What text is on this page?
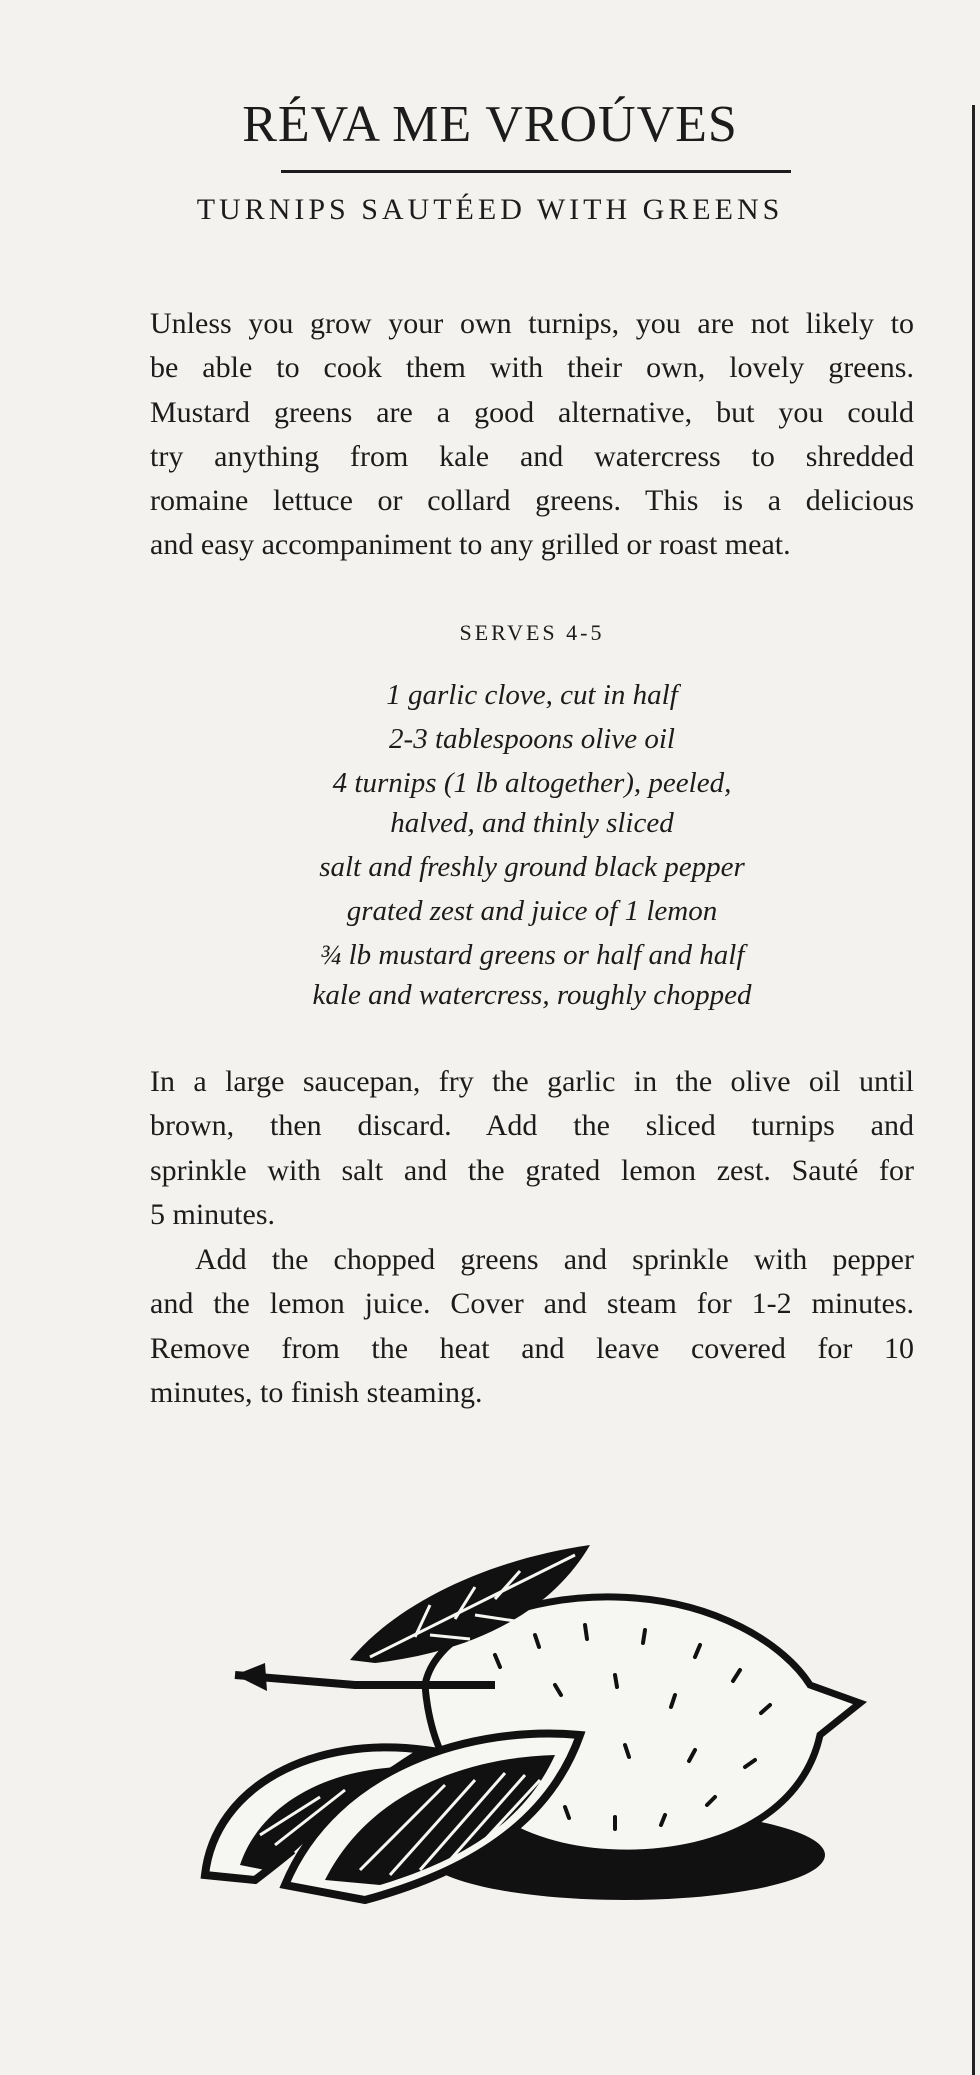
RÉVA ME VROÚVES
TURNIPS SAUTÉED WITH GREENS
Unless you grow your own turnips, you are not likely to
be able to cook them with their own, lovely greens.
Mustard greens are a good alternative, but you could
try anything from kale and watercress to shredded
romaine lettuce or collard greens. This is a delicious
and easy accompaniment to any grilled or roast meat.
SERVES 4-5
1 garlic clove, cut in half
2-3 tablespoons olive oil
4 turnips (1 lb altogether), peeled, halved, and thinly sliced
salt and freshly ground black pepper
grated zest and juice of 1 lemon
¾ lb mustard greens or half and half kale and watercress, roughly chopped
In a large saucepan, fry the garlic in the olive oil until
brown, then discard. Add the sliced turnips and
sprinkle with salt and the grated lemon zest. Sauté for
5 minutes.
Add the chopped greens and sprinkle with pepper
and the lemon juice. Cover and steam for 1-2 minutes.
Remove from the heat and leave covered for 10
minutes, to finish steaming.
